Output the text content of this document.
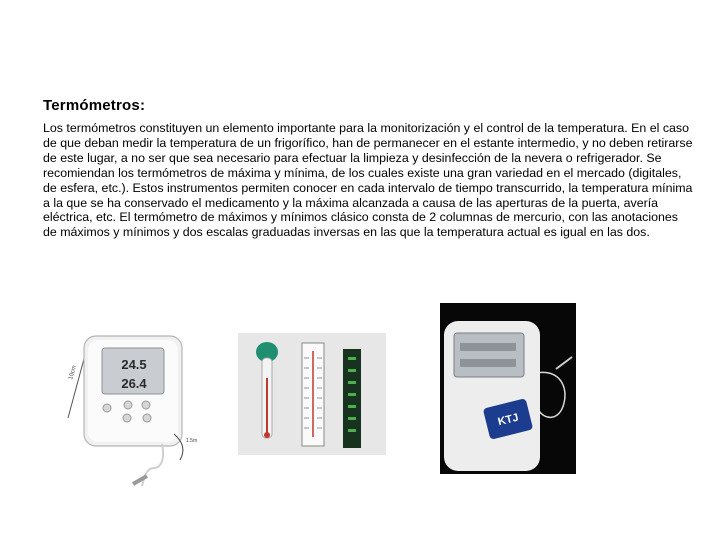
Termómetros:
Los termómetros constituyen un elemento importante para la monitorización y el control de la temperatura. En el caso de que deban medir la temperatura de un frigorífico, han de permanecer en el estante intermedio, y no deben retirarse de este lugar, a no ser que sea necesario para efectuar la limpieza y desinfección de la nevera o refrigerador. Se recomiendan los termómetros de máxima y mínima, de los cuales existe una gran variedad en el mercado (digitales, de esfera, etc.). Estos instrumentos permiten conocer en cada intervalo de tiempo transcurrido, la temperatura mínima a la que se ha conservado el medicamento y la máxima alcanzada a causa de las aperturas de la puerta, avería eléctrica, etc. El termómetro de máximos y mínimos clásico consta de 2 columnas de mercurio, con las anotaciones de máximos y mínimos y dos escalas graduadas inversas en las que la temperatura actual es igual en las dos.
10cm
24.5
26.4
1.5m
KTJ
